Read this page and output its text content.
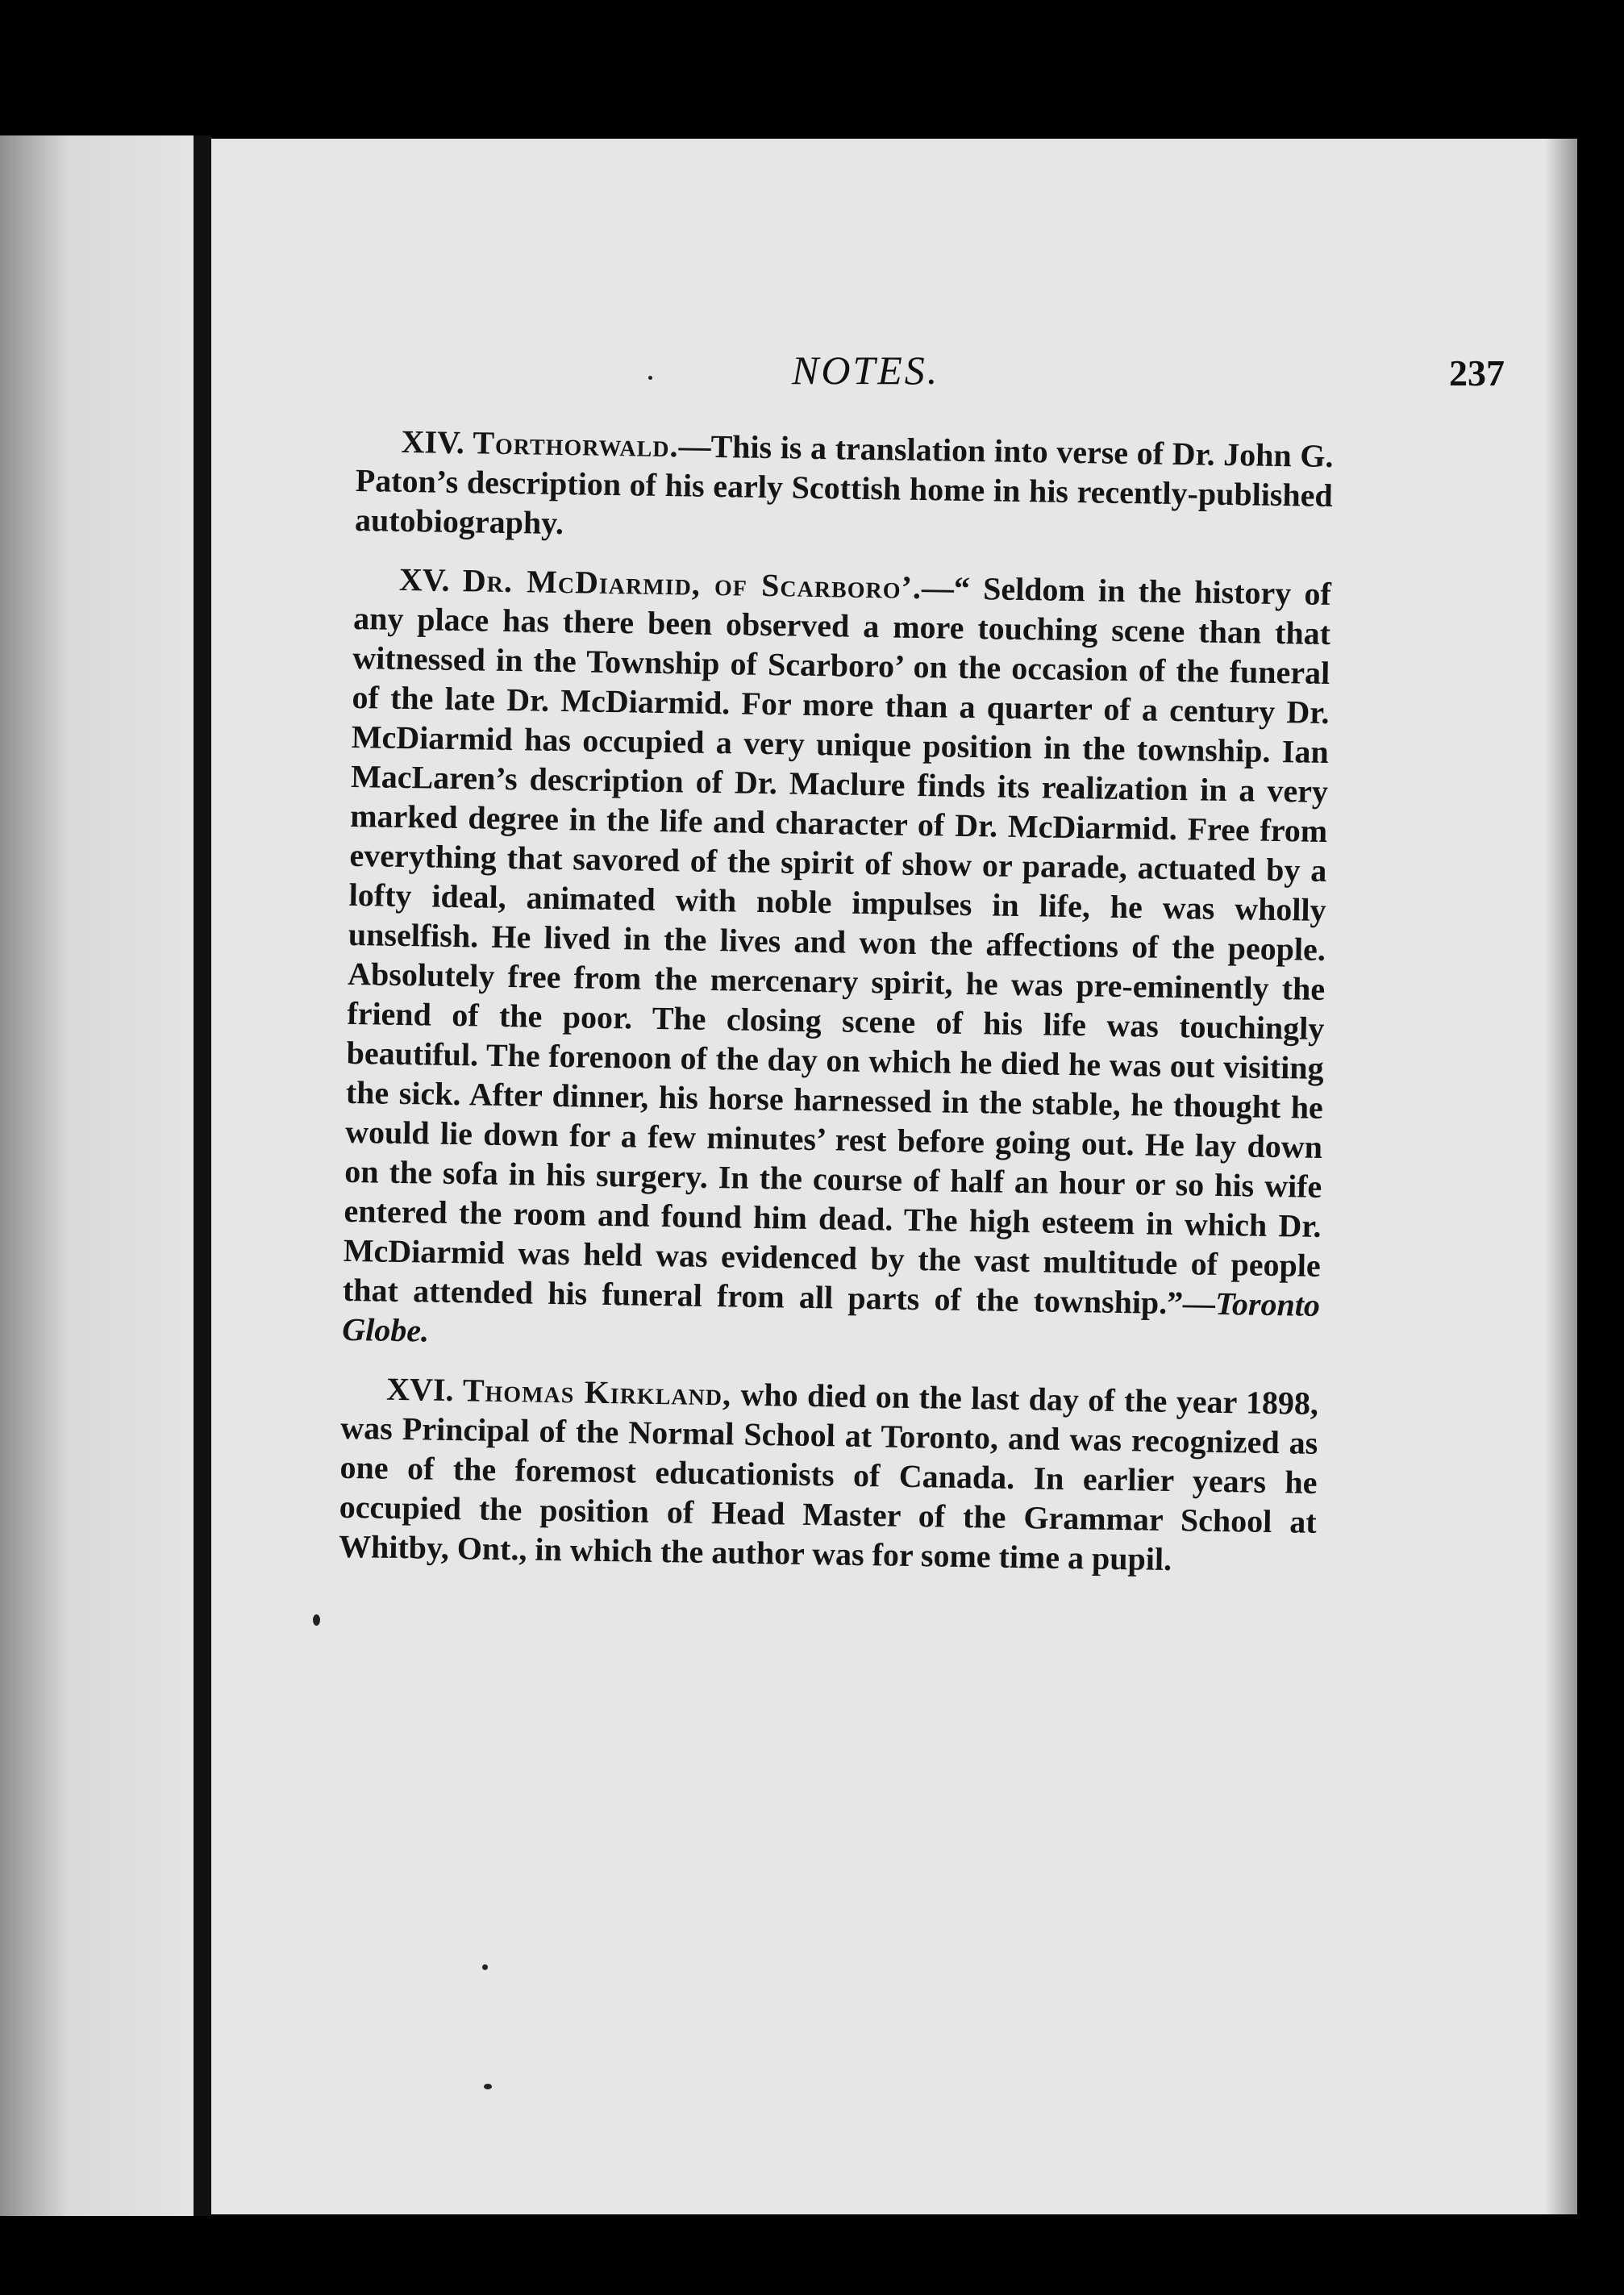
NOTES.	237

XIV. Torthorwald.—This is a translation into verse of Dr. John G. Paton’s description of his early Scottish home in his recently-published autobiography.

XV. Dr. McDiarmid, of Scarboro’.—“ Seldom in the history of any place has there been observed a more touching scene than that witnessed in the Township of Scarboro’ on the occasion of the funeral of the late Dr. McDiarmid. For more than a quarter of a century Dr. McDiarmid has occupied a very unique position in the township. Ian MacLaren’s description of Dr. Maclure finds its realization in a very marked degree in the life and character of Dr. McDiarmid. Free from everything that savored of the spirit of show or parade, actuated by a lofty ideal, animated with noble impulses in life, he was wholly unselfish. He lived in the lives and won the affections of the people. Absolutely free from the mercenary spirit, he was pre-eminently the friend of the poor. The closing scene of his life was touchingly beautiful. The forenoon of the day on which he died he was out visiting the sick. After dinner, his horse harnessed in the stable, he thought he would lie down for a few minutes’ rest before going out. He lay down on the sofa in his surgery. In the course of half an hour or so his wife entered the room and found him dead. The high esteem in which Dr. McDiarmid was held was evidenced by the vast multitude of people that attended his funeral from all parts of the township.”—Toronto Globe.

XVI. Thomas Kirkland, who died on the last day of the year 1898, was Principal of the Normal School at Toronto, and was recognized as one of the foremost educationists of Canada. In earlier years he occupied the position of Head Master of the Grammar School at Whitby, Ont., in which the author was for some time a pupil.
